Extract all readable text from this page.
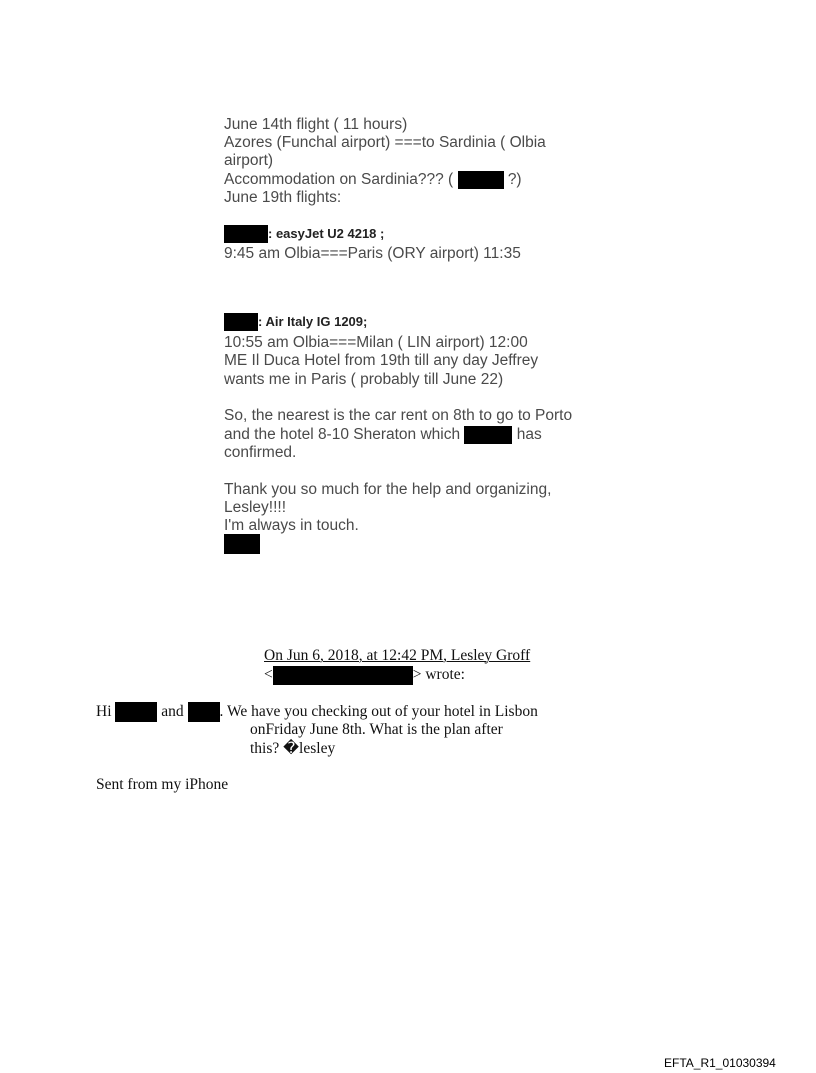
June 14th flight ( 11 hours)

Azores (Funchal airport) ===to Sardinia ( Olbia

airport)

Accommodation on Sardinia??? (	?)

June 19th flights:

: easyJet U2 4218 ;

9:45 am Olbia===Paris (ORY airport) 11:35

: Air Italy IG 1209;

10:55 am Olbia===Milan ( LIN airport) 12:00

ME Il Duca Hotel from 19th till any day Jeffrey

wants me in Paris ( probably till June 22)

So, the nearest is the car rent on 8th to go to Porto

and the hotel 8-10 Sheraton which	has

confirmed.

Thank you so much for the help and organizing,

Lesley!!!!

I'm always in touch.

On Jun 6, 2018, at 12:42 PM, Lesley Groff

<	> wrote:

Hi	and . We have you checking out of your hotel in Lisbon

onFriday June 8th. What is the plan after

this? �lesley

Sent from my iPhone

EFTA_R1_01030394
